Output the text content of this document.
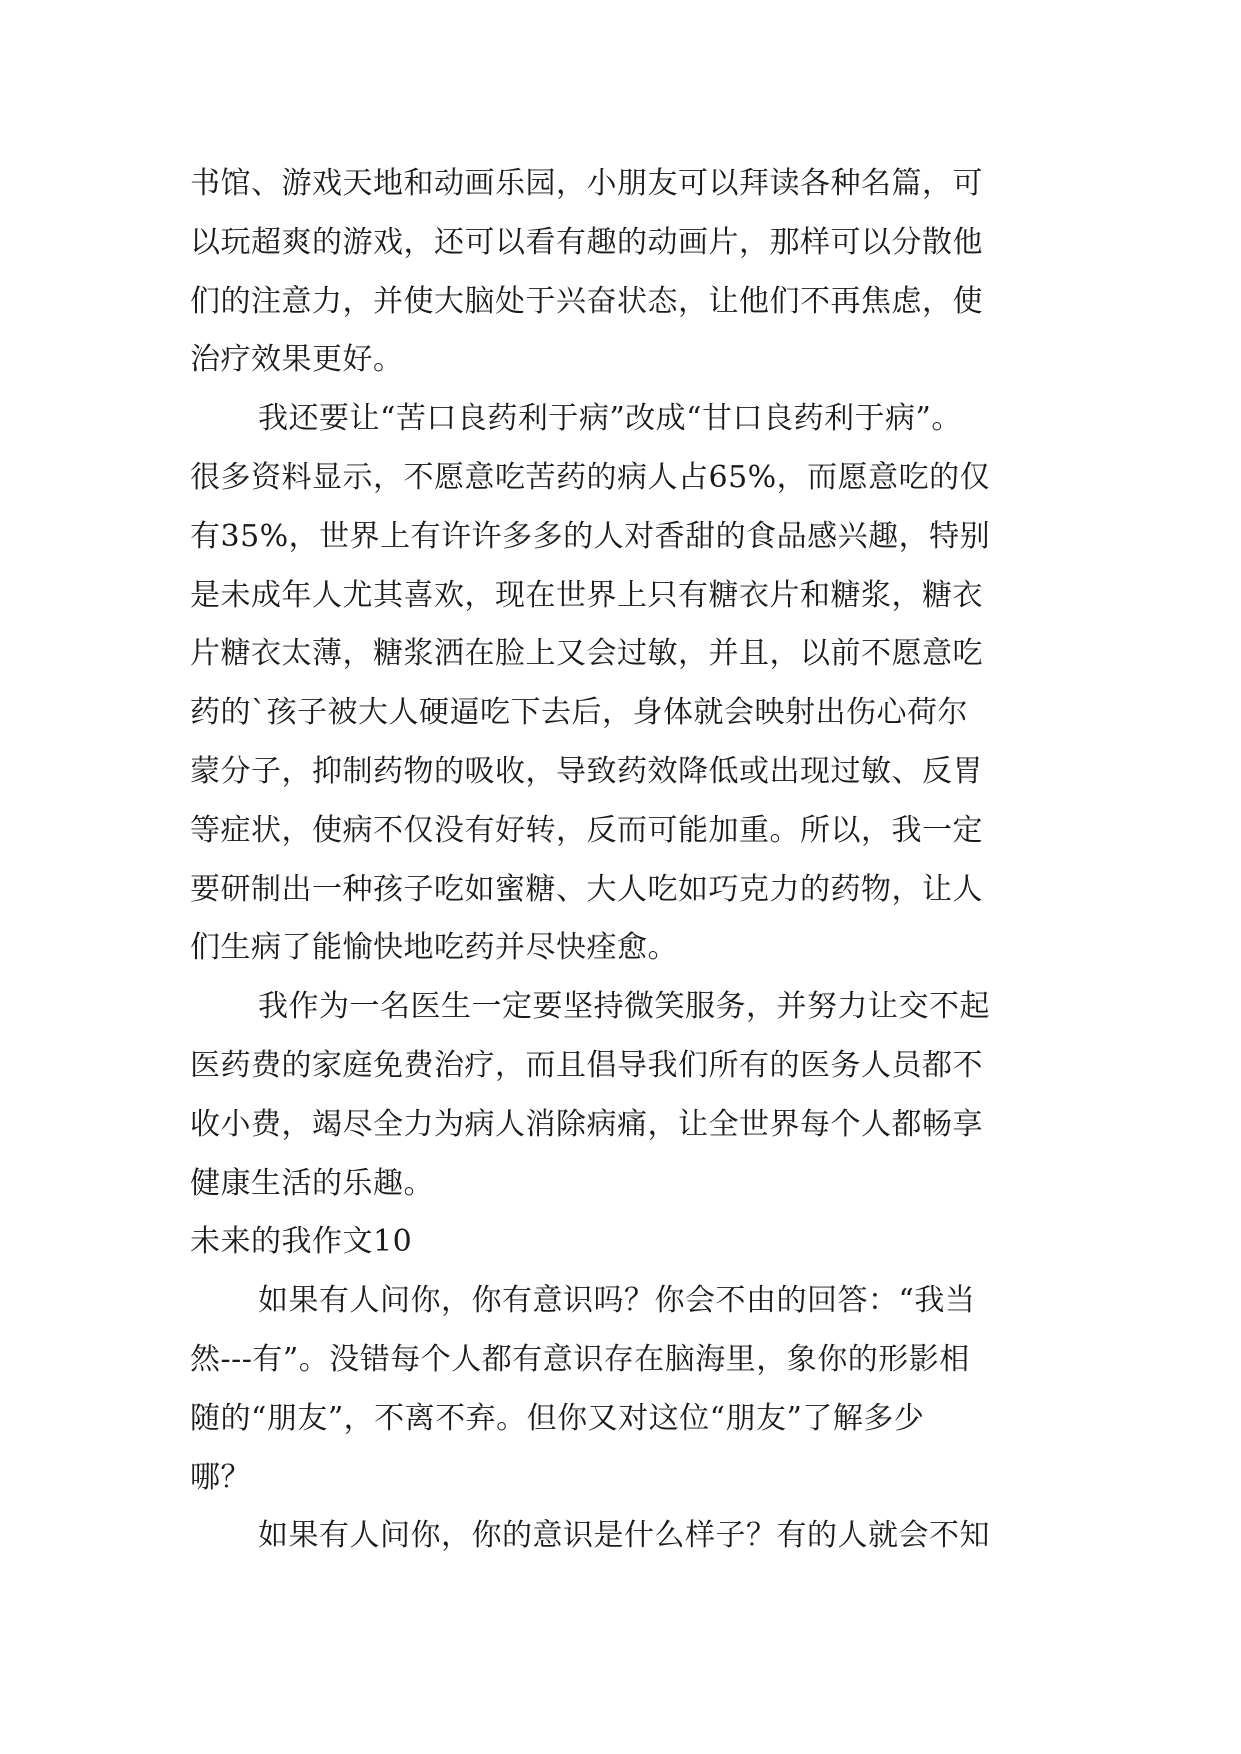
书馆、游戏天地和动画乐园，小朋友可以拜读各种名篇，可
以玩超爽的游戏，还可以看有趣的动画片，那样可以分散他
们的注意力，并使大脑处于兴奋状态，让他们不再焦虑，使
治疗效果更好。
我还要让“苦口良药利于病”改成“甘口良药利于病”。
很多资料显示，不愿意吃苦药的病人占65%，而愿意吃的仅
有35%，世界上有许许多多的人对香甜的食品感兴趣，特别
是未成年人尤其喜欢，现在世界上只有糖衣片和糖浆，糖衣
片糖衣太薄，糖浆洒在脸上又会过敏，并且，以前不愿意吃
药的`孩子被大人硬逼吃下去后，身体就会映射出伤心荷尔
蒙分子，抑制药物的吸收，导致药效降低或出现过敏、反胃
等症状，使病不仅没有好转，反而可能加重。所以，我一定
要研制出一种孩子吃如蜜糖、大人吃如巧克力的药物，让人
们生病了能愉快地吃药并尽快痊愈。
我作为一名医生一定要坚持微笑服务，并努力让交不起
医药费的家庭免费治疗，而且倡导我们所有的医务人员都不
收小费，竭尽全力为病人消除病痛，让全世界每个人都畅享
健康生活的乐趣。
未来的我作文10
如果有人问你，你有意识吗？你会不由的回答：“我当
然---有”。没错每个人都有意识存在脑海里，象你的形影相
随的“朋友”，不离不弃。但你又对这位“朋友”了解多少
哪？
如果有人问你，你的意识是什么样子？有的人就会不知
